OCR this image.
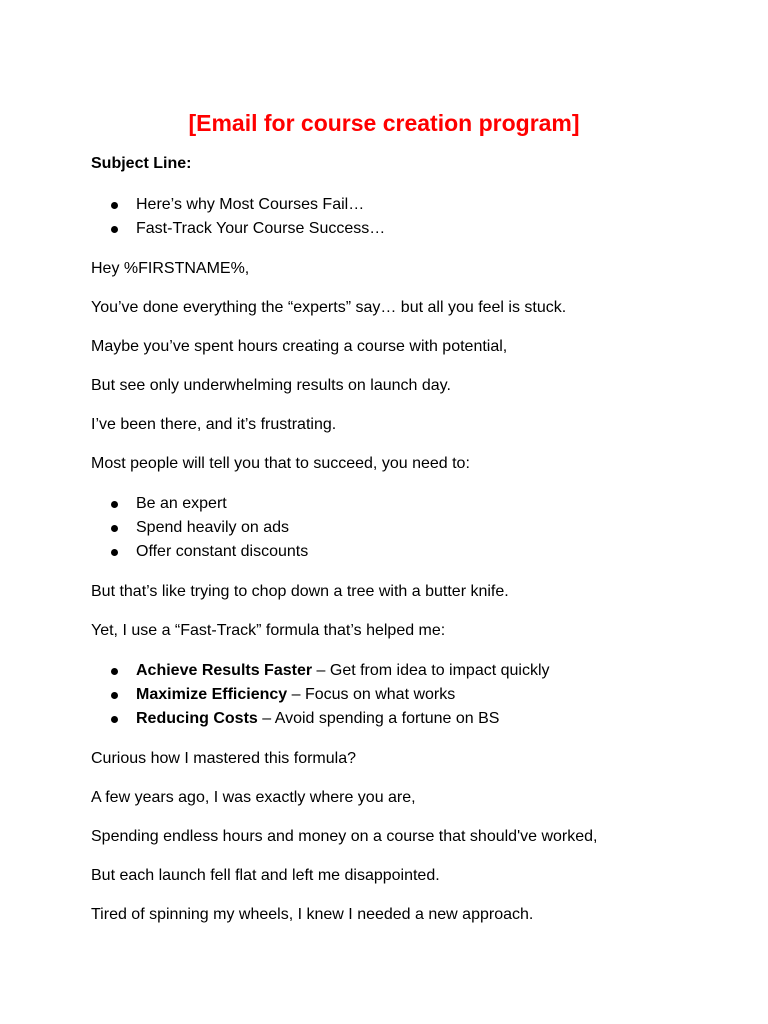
[Email for course creation program]

Subject Line:

Here’s why Most Courses Fail…
Fast-Track Your Course Success…

Hey %FIRSTNAME%,

You’ve done everything the “experts” say… but all you feel is stuck.

Maybe you’ve spent hours creating a course with potential,

But see only underwhelming results on launch day.

I’ve been there, and it’s frustrating.

Most people will tell you that to succeed, you need to:

Be an expert
Spend heavily on ads
Offer constant discounts

But that’s like trying to chop down a tree with a butter knife.

Yet, I use a “Fast-Track” formula that’s helped me:

Achieve Results Faster – Get from idea to impact quickly
Maximize Efficiency – Focus on what works
Reducing Costs – Avoid spending a fortune on BS

Curious how I mastered this formula?

A few years ago, I was exactly where you are,

Spending endless hours and money on a course that should've worked,

But each launch fell flat and left me disappointed.

Tired of spinning my wheels, I knew I needed a new approach.
